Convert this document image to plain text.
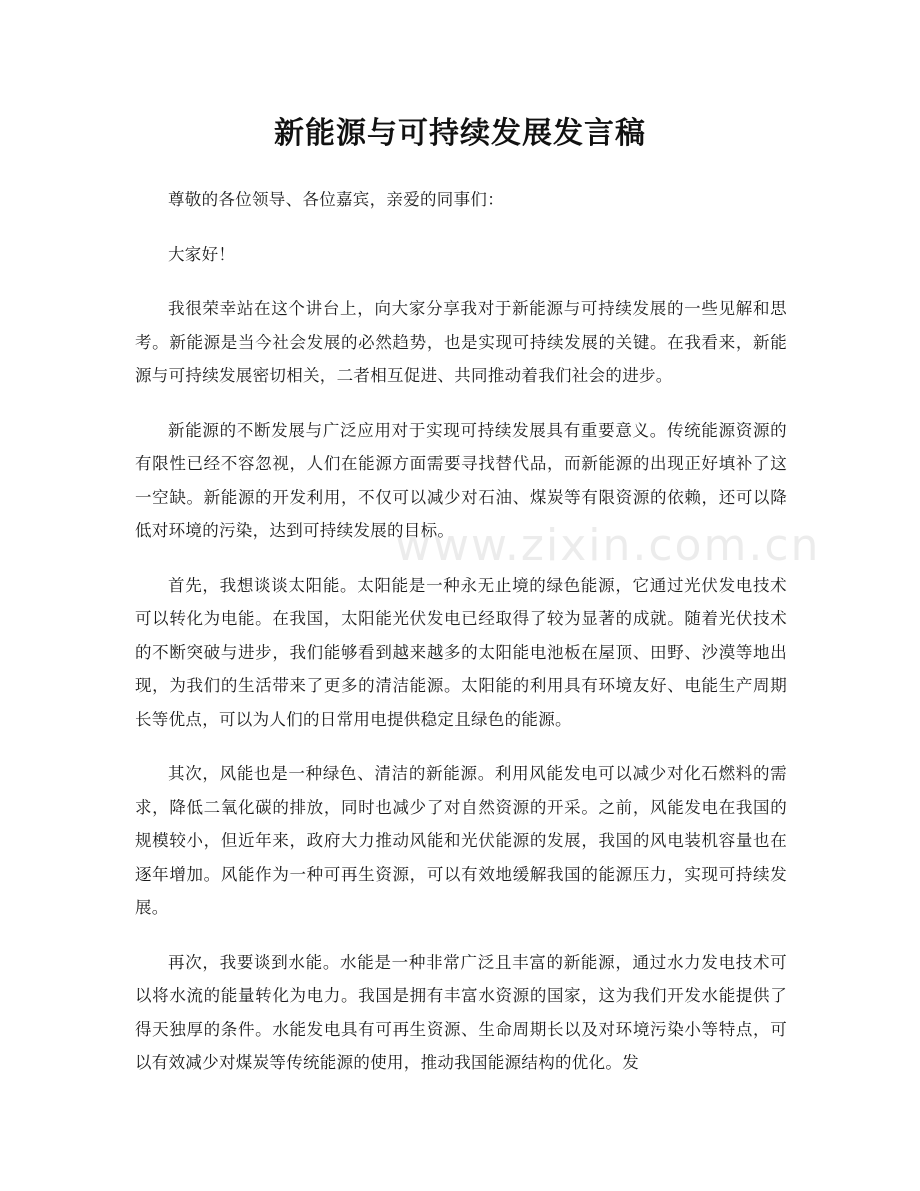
www.zixin.com.cn
新能源与可持续发展发言稿

尊敬的各位领导、各位嘉宾，亲爱的同事们：

大家好！

我很荣幸站在这个讲台上，向大家分享我对于新能源与可持续发展的一些见解和思考。新能源是当今社会发展的必然趋势，也是实现可持续发展的关键。在我看来，新能源与可持续发展密切相关，二者相互促进、共同推动着我们社会的进步。

新能源的不断发展与广泛应用对于实现可持续发展具有重要意义。传统能源资源的有限性已经不容忽视，人们在能源方面需要寻找替代品，而新能源的出现正好填补了这一空缺。新能源的开发利用，不仅可以减少对石油、煤炭等有限资源的依赖，还可以降低对环境的污染，达到可持续发展的目标。

首先，我想谈谈太阳能。太阳能是一种永无止境的绿色能源，它通过光伏发电技术可以转化为电能。在我国，太阳能光伏发电已经取得了较为显著的成就。随着光伏技术的不断突破与进步，我们能够看到越来越多的太阳能电池板在屋顶、田野、沙漠等地出现，为我们的生活带来了更多的清洁能源。太阳能的利用具有环境友好、电能生产周期长等优点，可以为人们的日常用电提供稳定且绿色的能源。

其次，风能也是一种绿色、清洁的新能源。利用风能发电可以减少对化石燃料的需求，降低二氧化碳的排放，同时也减少了对自然资源的开采。之前，风能发电在我国的规模较小，但近年来，政府大力推动风能和光伏能源的发展，我国的风电装机容量也在逐年增加。风能作为一种可再生资源，可以有效地缓解我国的能源压力，实现可持续发展。

再次，我要谈到水能。水能是一种非常广泛且丰富的新能源，通过水力发电技术可以将水流的能量转化为电力。我国是拥有丰富水资源的国家，这为我们开发水能提供了得天独厚的条件。水能发电具有可再生资源、生命周期长以及对环境污染小等特点，可以有效减少对煤炭等传统能源的使用，推动我国能源结构的优化。发
